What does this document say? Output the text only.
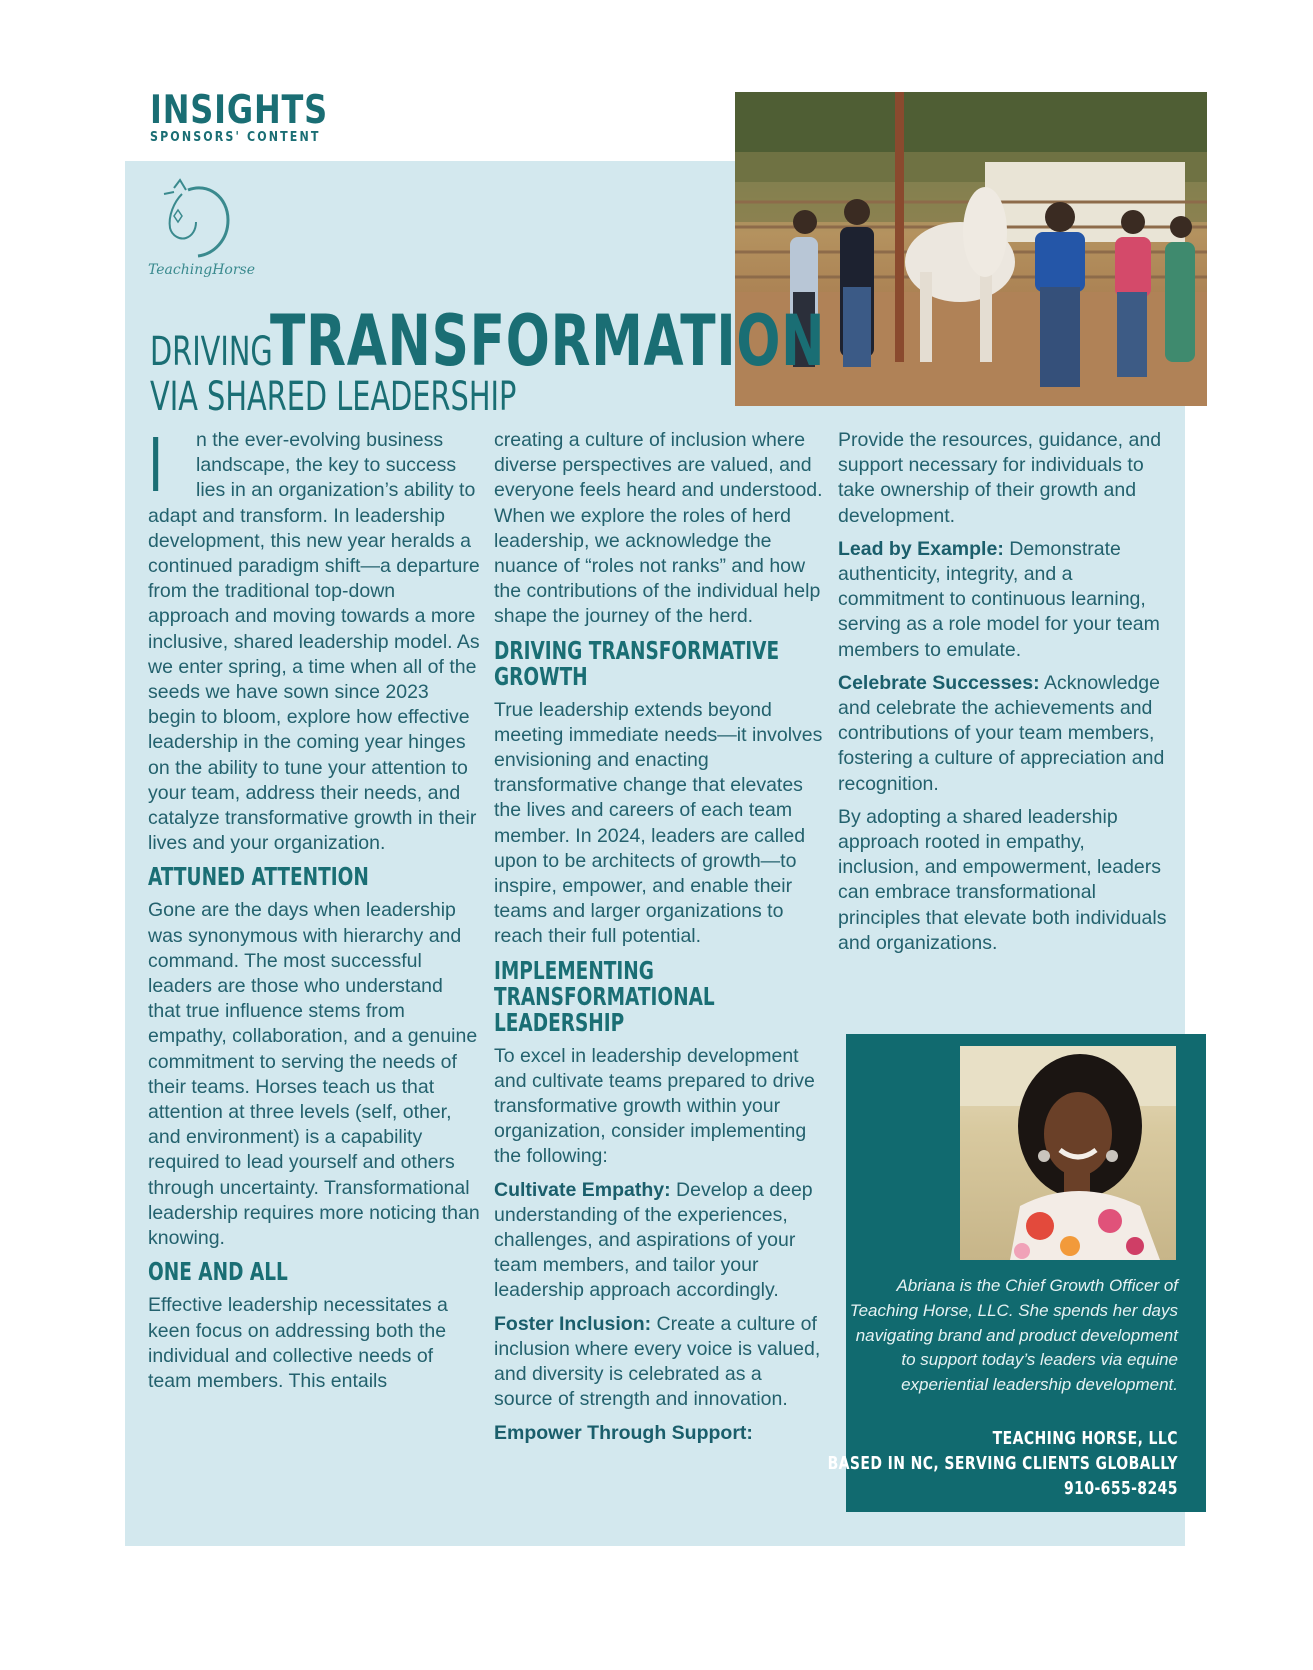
INSIGHTS
SPONSORS' CONTENT
TeachingHorse
DRIVING
TRANSFORMATION
VIA SHARED LEADERSHIP

I	n the ever-evolving business landscape, the key to success lies in an organization’s ability to adapt and transform. In leadership development, this new year heralds a continued paradigm shift—a departure from the traditional top-down approach and moving towards a more inclusive, shared leadership model. As we enter spring, a time when all of the seeds we have sown since 2023 begin to bloom, explore how effective leadership in the coming year hinges on the ability to tune your attention to your team, address their needs, and catalyze transformative growth in their lives and your organization.

ATTUNED ATTENTION

Gone are the days when leadership was synonymous with hierarchy and command. The most successful leaders are those who understand that true influence stems from empathy, collaboration, and a genuine commitment to serving the needs of their teams. Horses teach us that attention at three levels (self, other, and environment) is a capability required to lead yourself and others through uncertainty. Transformational leadership requires more noticing than knowing.

ONE AND ALL

Effective leadership necessitates a keen focus on addressing both the individual and collective needs of team members. This entails

creating a culture of inclusion where diverse perspectives are valued, and everyone feels heard and understood. When we explore the roles of herd leadership, we acknowledge the nuance of “roles not ranks” and how the contributions of the individual help shape the journey of the herd.

DRIVING TRANSFORMATIVE GROWTH

True leadership extends beyond meeting immediate needs—it involves envisioning and enacting transformative change that elevates the lives and careers of each team member. In 2024, leaders are called upon to be architects of growth—to inspire, empower, and enable their teams and larger organizations to reach their full potential.

IMPLEMENTING TRANSFORMATIONAL LEADERSHIP

To excel in leadership development and cultivate teams prepared to drive transformative growth within your organization, consider implementing the following:

Cultivate Empathy: Develop a deep understanding of the experiences, challenges, and aspirations of your team members, and tailor your leadership approach accordingly.

Foster Inclusion: Create a culture of inclusion where every voice is valued, and diversity is celebrated as a source of strength and innovation.

Empower Through Support:

Provide the resources, guidance, and support necessary for individuals to take ownership of their growth and development.

Lead by Example: Demonstrate authenticity, integrity, and a commitment to continuous learning, serving as a role model for your team members to emulate.

Celebrate Successes: Acknowledge and celebrate the achievements and contributions of your team members, fostering a culture of appreciation and recognition.

By adopting a shared leadership approach rooted in empathy, inclusion, and empowerment, leaders can embrace transformational principles that elevate both individuals and organizations.

Abriana is the Chief Growth Officer of Teaching Horse, LLC. She spends her days navigating brand and product development to support today’s leaders via equine experiential leadership development.
TEACHING HORSE, LLC
BASED IN NC, SERVING CLIENTS GLOBALLY
910-655-8245
